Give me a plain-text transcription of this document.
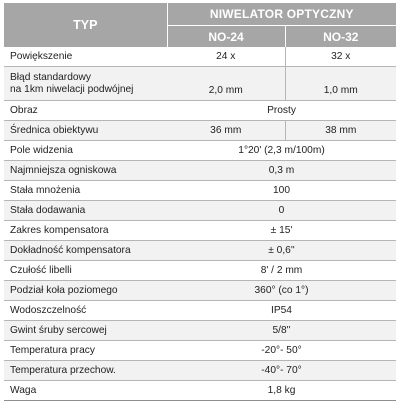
TYP	NIWELATOR OPTYCZNY	
	NO-24	NO-32

Powiększenie	24 x	32 x

Błąd standardowy
na 1km niwelacji podwójnej	2,0 mm	1,0 mm

Obraz	Prosty	

Średnica obiektywu	36 mm	38 mm

Pole widzenia	1°20' (2,3 m/100m)	

Najmniejsza ogniskowa	0,3 m	

Stała mnożenia	100	

Stała dodawania	0	

Zakres kompensatora	± 15'	

Dokładność kompensatora	± 0,6''	

Czułość libelli	8' / 2 mm	

Podział koła poziomego	360° (co 1°)	

Wodoszczelność	IP54	

Gwint śruby sercowej	5/8''	

Temperatura pracy	-20°- 50°	

Temperatura przechow.	-40°- 70°	

Waga	1,8 kg	
